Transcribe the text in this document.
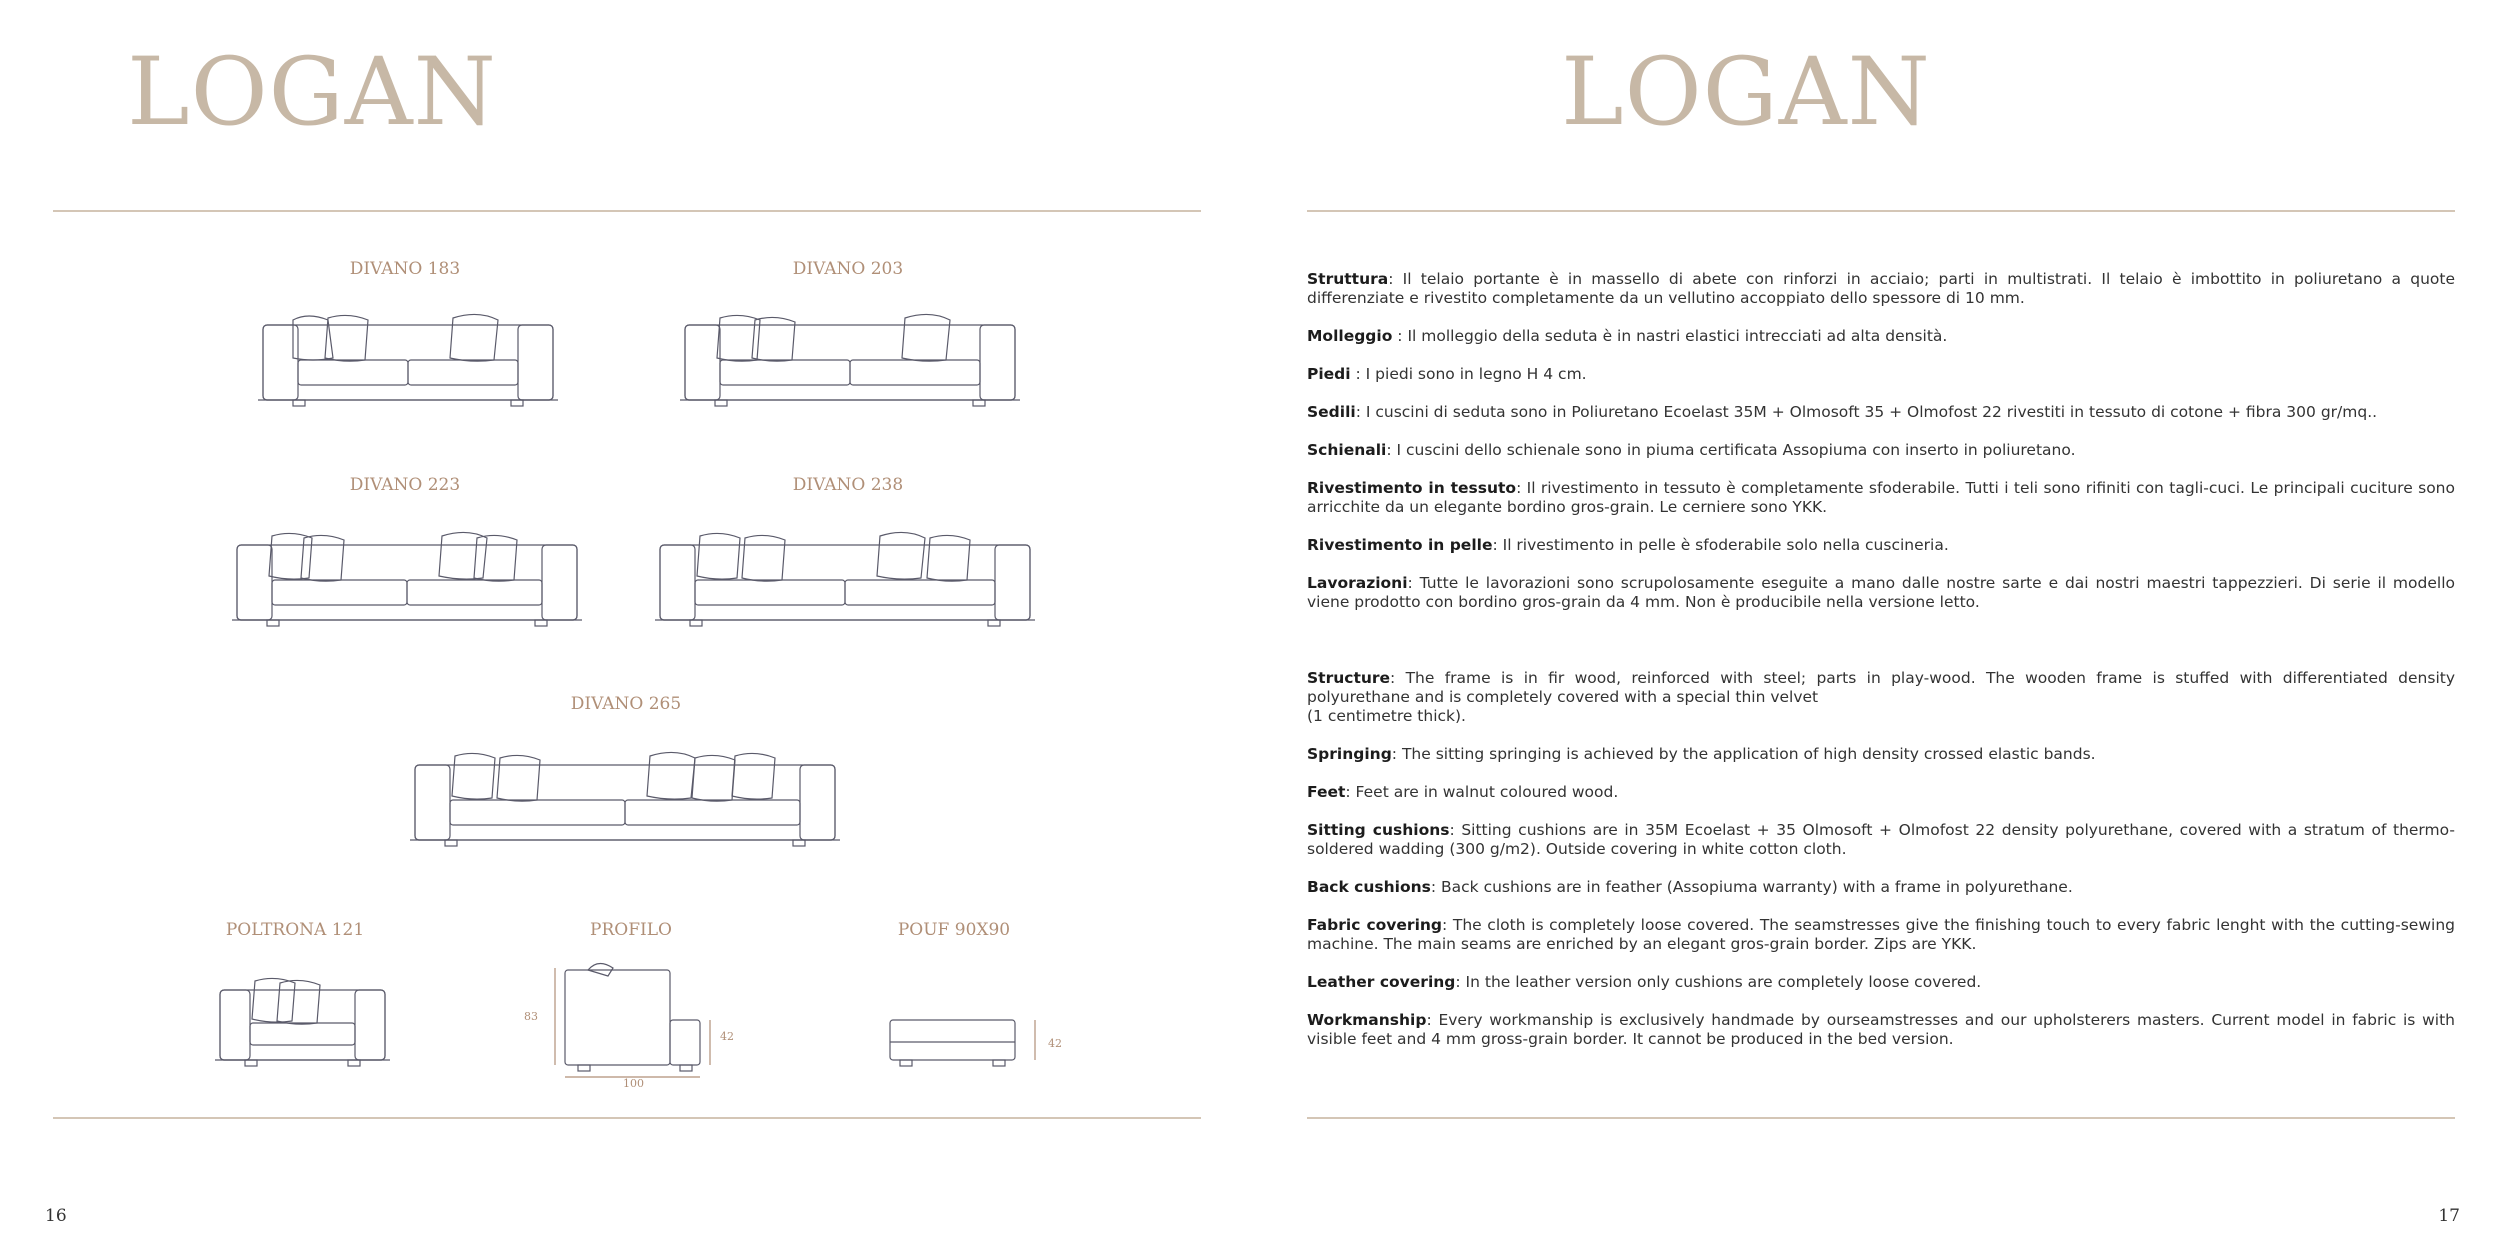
LOGAN
DIVANO 183	DIVANO 203
DIVANO 223	DIVANO 238
DIVANO 265
POLTRONA 121	PROFILO	POUF 90X90
83
42
100
42
16
LOGAN

Struttura: Il telaio portante è in massello di abete con rinforzi in acciaio; parti in multistrati. Il telaio è imbottito in poliuretano a quote differenziate e rivestito completamente da un vellutino accoppiato dello spessore di 10 mm.

Molleggio : Il molleggio della seduta è in nastri elastici intrecciati ad alta densità.

Piedi : I piedi sono in legno H 4 cm.

Sedili: I cuscini di seduta sono in Poliuretano Ecoelast 35M + Olmosoft 35 + Olmofost 22 rivestiti in tessuto di cotone + fibra 300 gr/mq..

Schienali: I cuscini dello schienale sono in piuma certificata Assopiuma con inserto in poliuretano.

Rivestimento in tessuto: Il rivestimento in tessuto è completamente sfoderabile. Tutti i teli sono rifiniti con tagli-cuci. Le principali cuciture sono arricchite da un elegante bordino gros-grain. Le cerniere sono YKK.

Rivestimento in pelle: Il rivestimento in pelle è sfoderabile solo nella cuscineria.

Lavorazioni: Tutte le lavorazioni sono scrupolosamente eseguite a mano dalle nostre sarte e dai nostri maestri tappezzieri. Di serie il modello viene prodotto con bordino gros-grain da 4 mm. Non è producibile nella versione letto.

Structure: The frame is in fir wood, reinforced with steel; parts in play-wood. The wooden frame is stuffed with differentiated density polyurethane and is completely covered with a special thin velvet
(1 centimetre thick).

Springing: The sitting springing is achieved by the application of high density crossed elastic bands.

Feet: Feet are in walnut coloured wood.

Sitting cushions: Sitting cushions are in 35M Ecoelast + 35 Olmosoft + Olmofost 22 density polyurethane, covered with a stratum of thermo-soldered wadding (300 g/m2). Outside covering in white cotton cloth.

Back cushions: Back cushions are in feather (Assopiuma warranty) with a frame in polyurethane.

Fabric covering: The cloth is completely loose covered. The seamstresses give the finishing touch to every fabric lenght with the cutting-sewing machine. The main seams are enriched by an elegant gros-grain border. Zips are YKK.

Leather covering: In the leather version only cushions are completely loose covered.

Workmanship: Every workmanship is exclusively handmade by ourseamstresses and our upholsterers masters. Current model in fabric is with visible feet and 4 mm gross-grain border. It cannot be produced in the bed version.

17
